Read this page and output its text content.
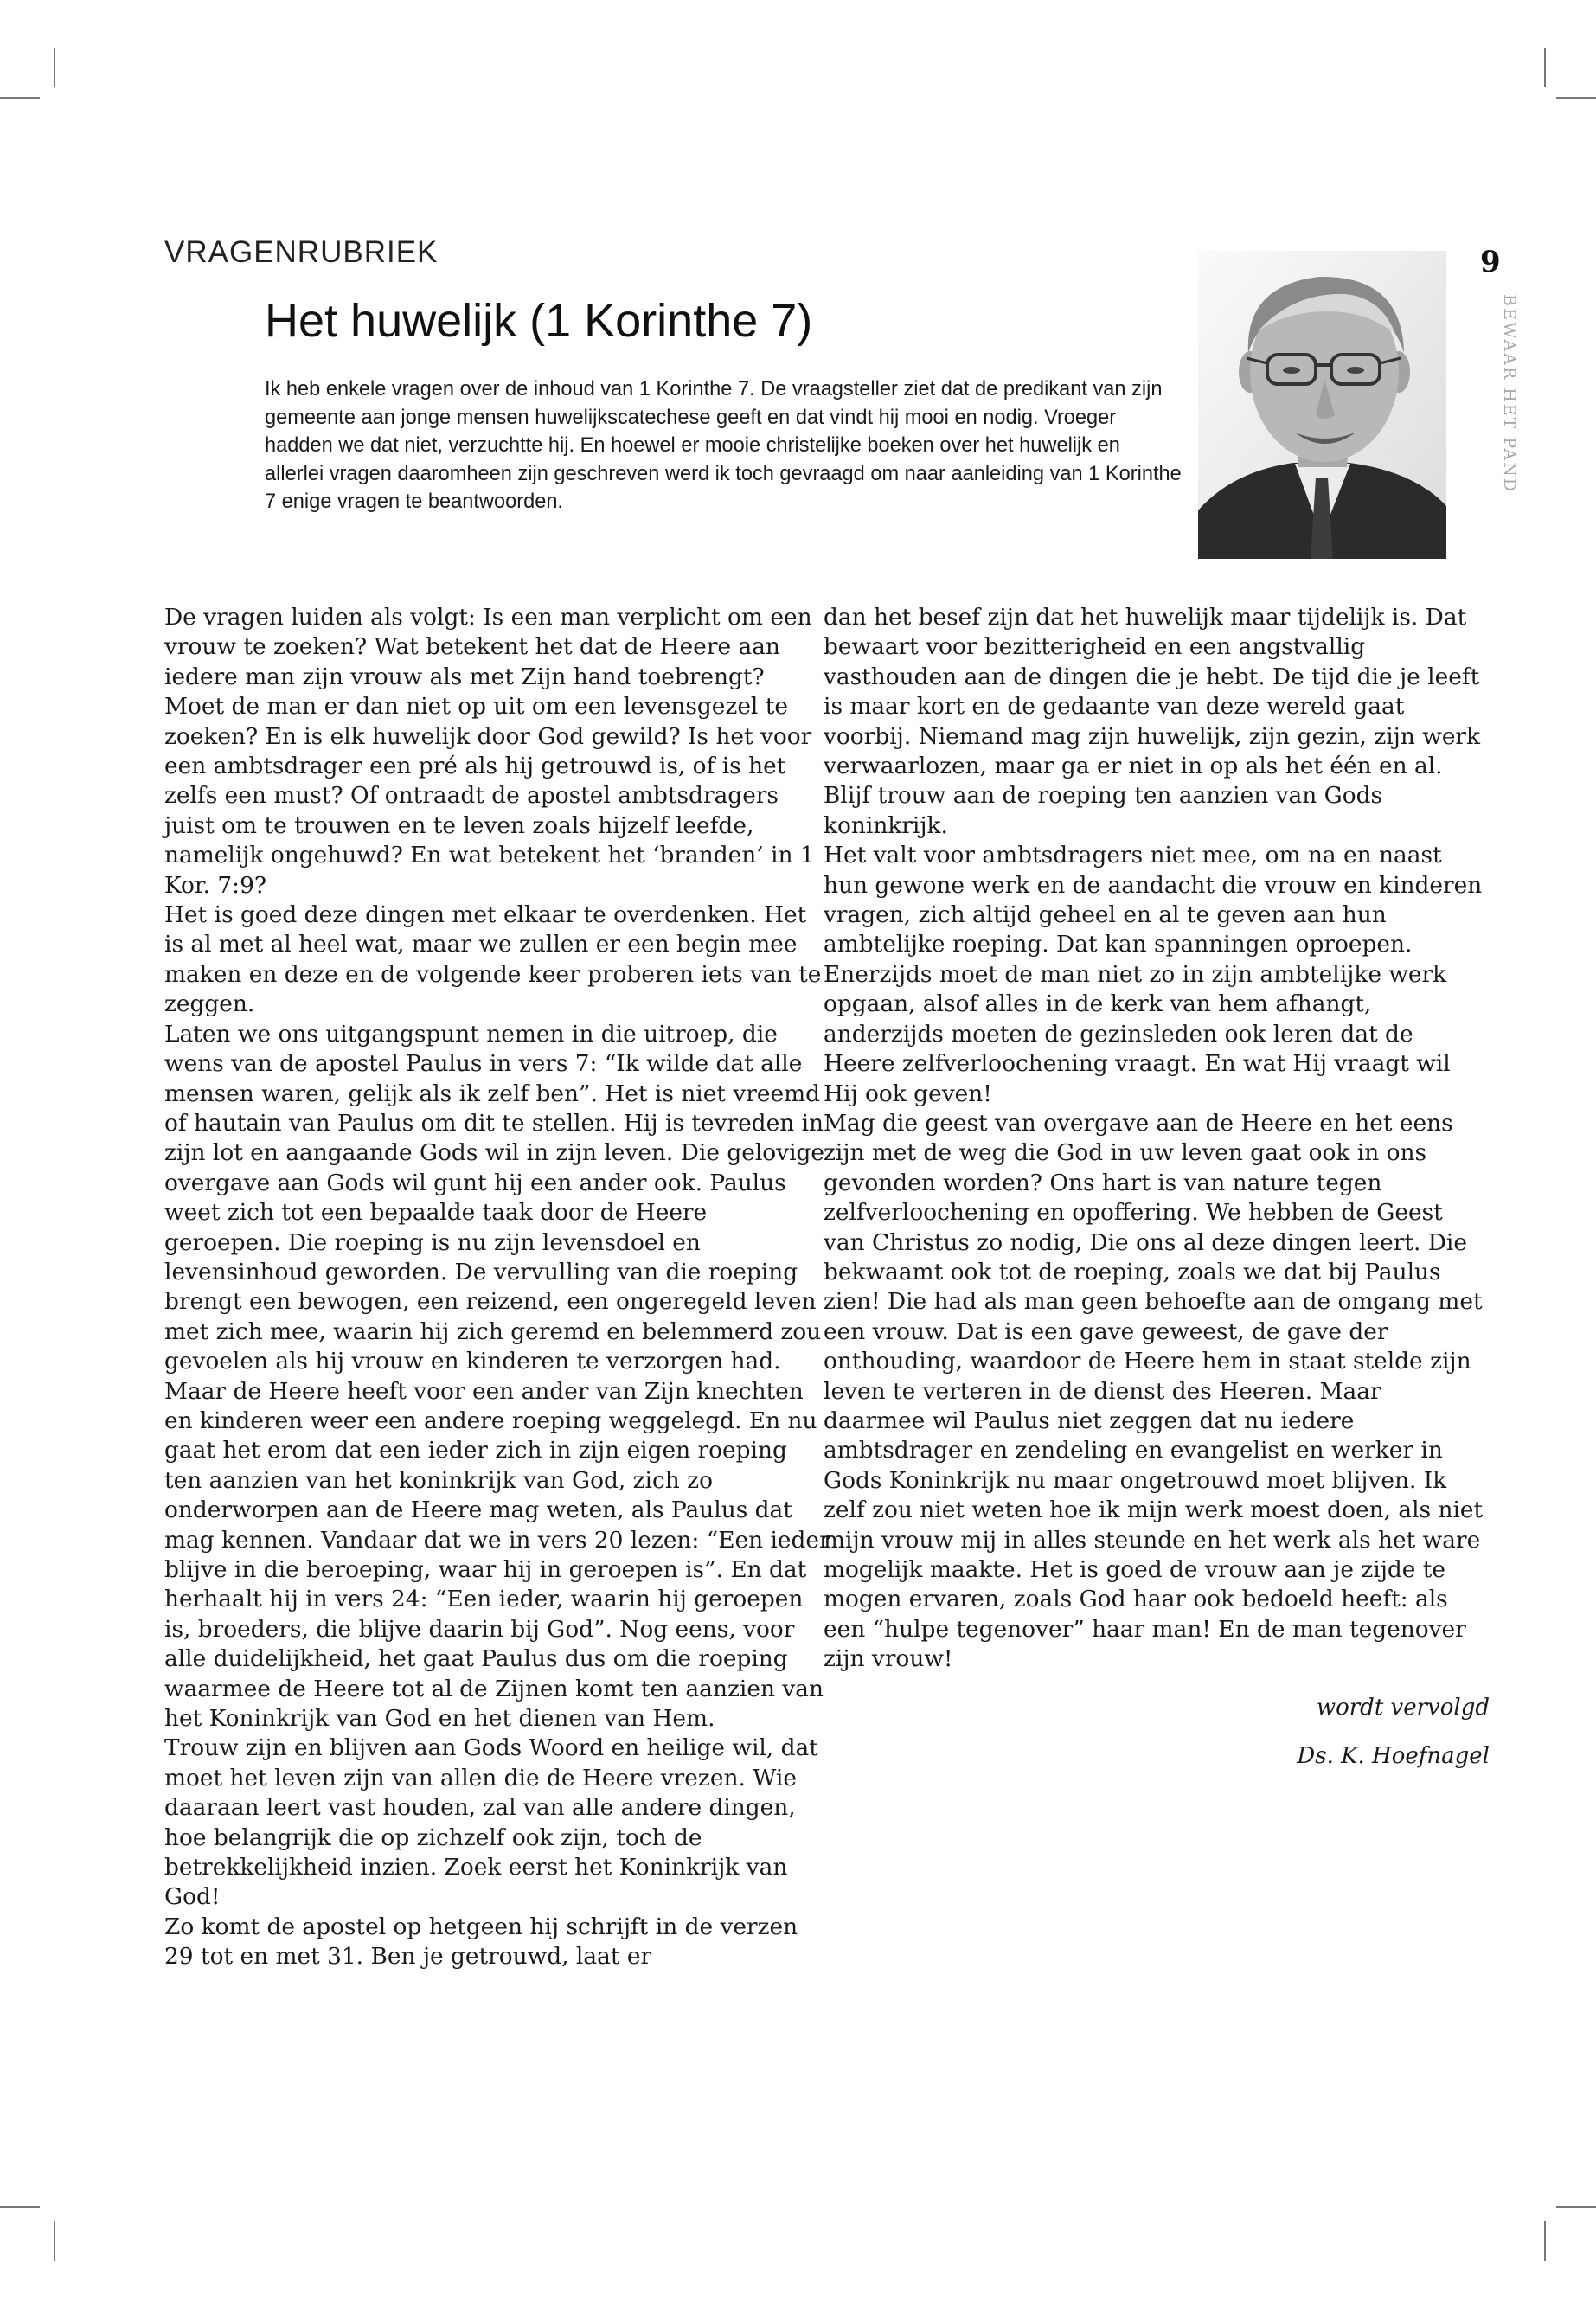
VRAGENRUBRIEK
Het huwelijk (1 Korinthe 7)

Ik heb enkele vragen over de inhoud van 1 Korinthe 7. De vraagsteller ziet dat de predikant van zijn gemeente aan jonge mensen huwelijkscatechese geeft en dat vindt hij mooi en nodig. Vroeger hadden we dat niet, verzuchtte hij. En hoewel er mooie christelijke boeken over het huwelijk en allerlei vragen daaromheen zijn geschreven werd ik toch gevraagd om naar aanleiding van 1 Korinthe 7 enige vragen te beantwoorden.

9
BEWAAR HET PAND

De vragen luiden als volgt: Is een man verplicht om een vrouw te zoeken? Wat betekent het dat de Heere aan iedere man zijn vrouw als met Zijn hand toebrengt? Moet de man er dan niet op uit om een levensgezel te zoeken? En is elk huwelijk door God gewild? Is het voor een ambtsdrager een pré als hij getrouwd is, of is het zelfs een must? Of ontraadt de apostel ambtsdragers juist om te trouwen en te leven zoals hijzelf leefde, namelijk ongehuwd? En wat betekent het ‘branden’ in 1 Kor. 7:9?

Het is goed deze dingen met elkaar te overdenken. Het is al met al heel wat, maar we zullen er een begin mee maken en deze en de volgende keer proberen iets van te zeggen.

Laten we ons uitgangspunt nemen in die uitroep, die wens van de apostel Paulus in vers 7: “Ik wilde dat alle mensen waren, gelijk als ik zelf ben”. Het is niet vreemd of hautain van Paulus om dit te stellen. Hij is tevreden in zijn lot en aangaande Gods wil in zijn leven. Die gelovige overgave aan Gods wil gunt hij een ander ook. Paulus weet zich tot een bepaalde taak door de Heere geroepen. Die roeping is nu zijn levensdoel en levensinhoud geworden. De vervulling van die roeping brengt een bewogen, een reizend, een ongeregeld leven met zich mee, waarin hij zich geremd en belemmerd zou gevoelen als hij vrouw en kinderen te verzorgen had.

Maar de Heere heeft voor een ander van Zijn knechten en kinderen weer een andere roeping weggelegd. En nu gaat het erom dat een ieder zich in zijn eigen roeping ten aanzien van het koninkrijk van God, zich zo onderworpen aan de Heere mag weten, als Paulus dat mag kennen. Vandaar dat we in vers 20 lezen: “Een ieder blijve in die beroeping, waar hij in geroepen is”. En dat herhaalt hij in vers 24: “Een ieder, waarin hij geroepen is, broeders, die blijve daarin bij God”. Nog eens, voor alle duidelijkheid, het gaat Paulus dus om die roeping waarmee de Heere tot al de Zijnen komt ten aanzien van het Koninkrijk van God en het dienen van Hem.

Trouw zijn en blijven aan Gods Woord en heilige wil, dat moet het leven zijn van allen die de Heere vrezen. Wie daaraan leert vast houden, zal van alle andere dingen, hoe belangrijk die op zichzelf ook zijn, toch de betrekkelijkheid inzien. Zoek eerst het Koninkrijk van God!

Zo komt de apostel op hetgeen hij schrijft in de verzen 29 tot en met 31. Ben je getrouwd, laat er

dan het besef zijn dat het huwelijk maar tijdelijk is. Dat bewaart voor bezitterigheid en een angstvallig vasthouden aan de dingen die je hebt. De tijd die je leeft is maar kort en de gedaante van deze wereld gaat voorbij. Niemand mag zijn huwelijk, zijn gezin, zijn werk verwaarlozen, maar ga er niet in op als het één en al. Blijf trouw aan de roeping ten aanzien van Gods koninkrijk.

Het valt voor ambtsdragers niet mee, om na en naast hun gewone werk en de aandacht die vrouw en kinderen vragen, zich altijd geheel en al te geven aan hun ambtelijke roeping. Dat kan spanningen oproepen. Enerzijds moet de man niet zo in zijn ambtelijke werk opgaan, alsof alles in de kerk van hem afhangt, anderzijds moeten de gezinsleden ook leren dat de Heere zelfverloochening vraagt. En wat Hij vraagt wil Hij ook geven!

Mag die geest van overgave aan de Heere en het eens zijn met de weg die God in uw leven gaat ook in ons gevonden worden? Ons hart is van nature tegen zelfverloochening en opoffering. We hebben de Geest van Christus zo nodig, Die ons al deze dingen leert. Die bekwaamt ook tot de roeping, zoals we dat bij Paulus zien! Die had als man geen behoefte aan de omgang met een vrouw. Dat is een gave geweest, de gave der onthouding, waardoor de Heere hem in staat stelde zijn leven te verteren in de dienst des Heeren. Maar daarmee wil Paulus niet zeggen dat nu iedere ambtsdrager en zendeling en evangelist en werker in Gods Koninkrijk nu maar ongetrouwd moet blijven. Ik zelf zou niet weten hoe ik mijn werk moest doen, als niet mijn vrouw mij in alles steunde en het werk als het ware mogelijk maakte. Het is goed de vrouw aan je zijde te mogen ervaren, zoals God haar ook bedoeld heeft: als een “hulpe tegenover” haar man! En de man tegenover zijn vrouw!

wordt vervolgd

Ds. K. Hoefnagel
